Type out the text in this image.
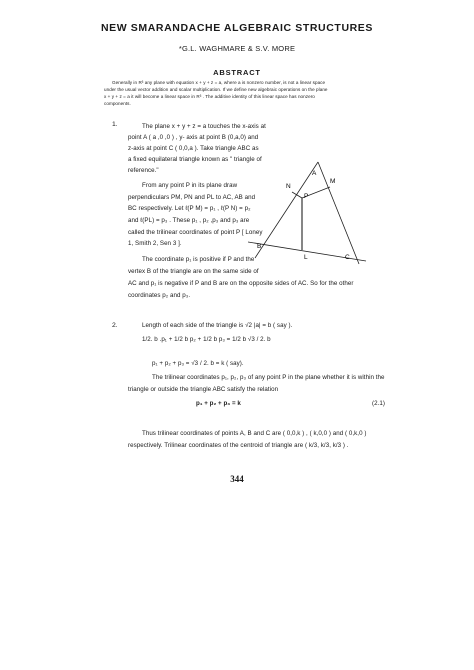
NEW SMARANDACHE ALGEBRAIC STRUCTURES
*G.L. WAGHMARE & S.V. MORE
ABSTRACT
Generally in R³ any plane with equation x + y + z = a, where a is nonzero number, is not a linear space
under the usual vector addition and scalar multiplication. If we define new algebraic operations on the plane
x + y + z = a it will become a linear space in R³ . The additive identity of this linear space has nonzero
components.
1.	The plane x + y + z = a touches the x-axis at
point A ( a ,0 ,0 ) , y- axis at point B (0,a,0) and
z-axis at point C ( 0,0,a ). Take triangle ABC as
a fixed equilateral triangle known as " triangle of
reference."
From any point P in its plane draw
perpendiculars PM, PN and PL to AC, AB and
BC respectively. Let ℓ(P M) = p₁ , ℓ(P N) = p₂
and ℓ(PL) = p₃ . These p₁ , p₂ ,p₃ and p₃ are
called the trilinear coordinates of point P [ Loney
1, Smith 2, Sen 3 ].
The coordinate p₁ is positive if P and the
vertex B of the triangle are on the same side of
AC and p₁ is negative if P and B are on the opposite sides of AC. So for the other
coordinates p₂ and p₃.
A
B
C
P
M
N
L
2.	Length of each side of the triangle is √2 |a| = b ( say ).
1/2. b .p₁ + 1/2 b p₂ + 1/2 b p₃ = 1/2 b √3 / 2. b
p₁ + p₂ + p₃ = √3 / 2. b = k ( say).
The trilinear coordinates p₁, p₂, p₃ of any point P in the plane whether it is within the
triangle or outside the triangle ABC satisfy the relation
p₁ + p₂ + p₃ = k	(2.1)
Thus trilinear coordinates of points A, B and C are ( 0,0,k ) , ( k,0,0 ) and ( 0,k,0 )
respectively. Trilinear coordinates of the centroid of triangle are ( k/3, k/3, k/3 ) .
344
